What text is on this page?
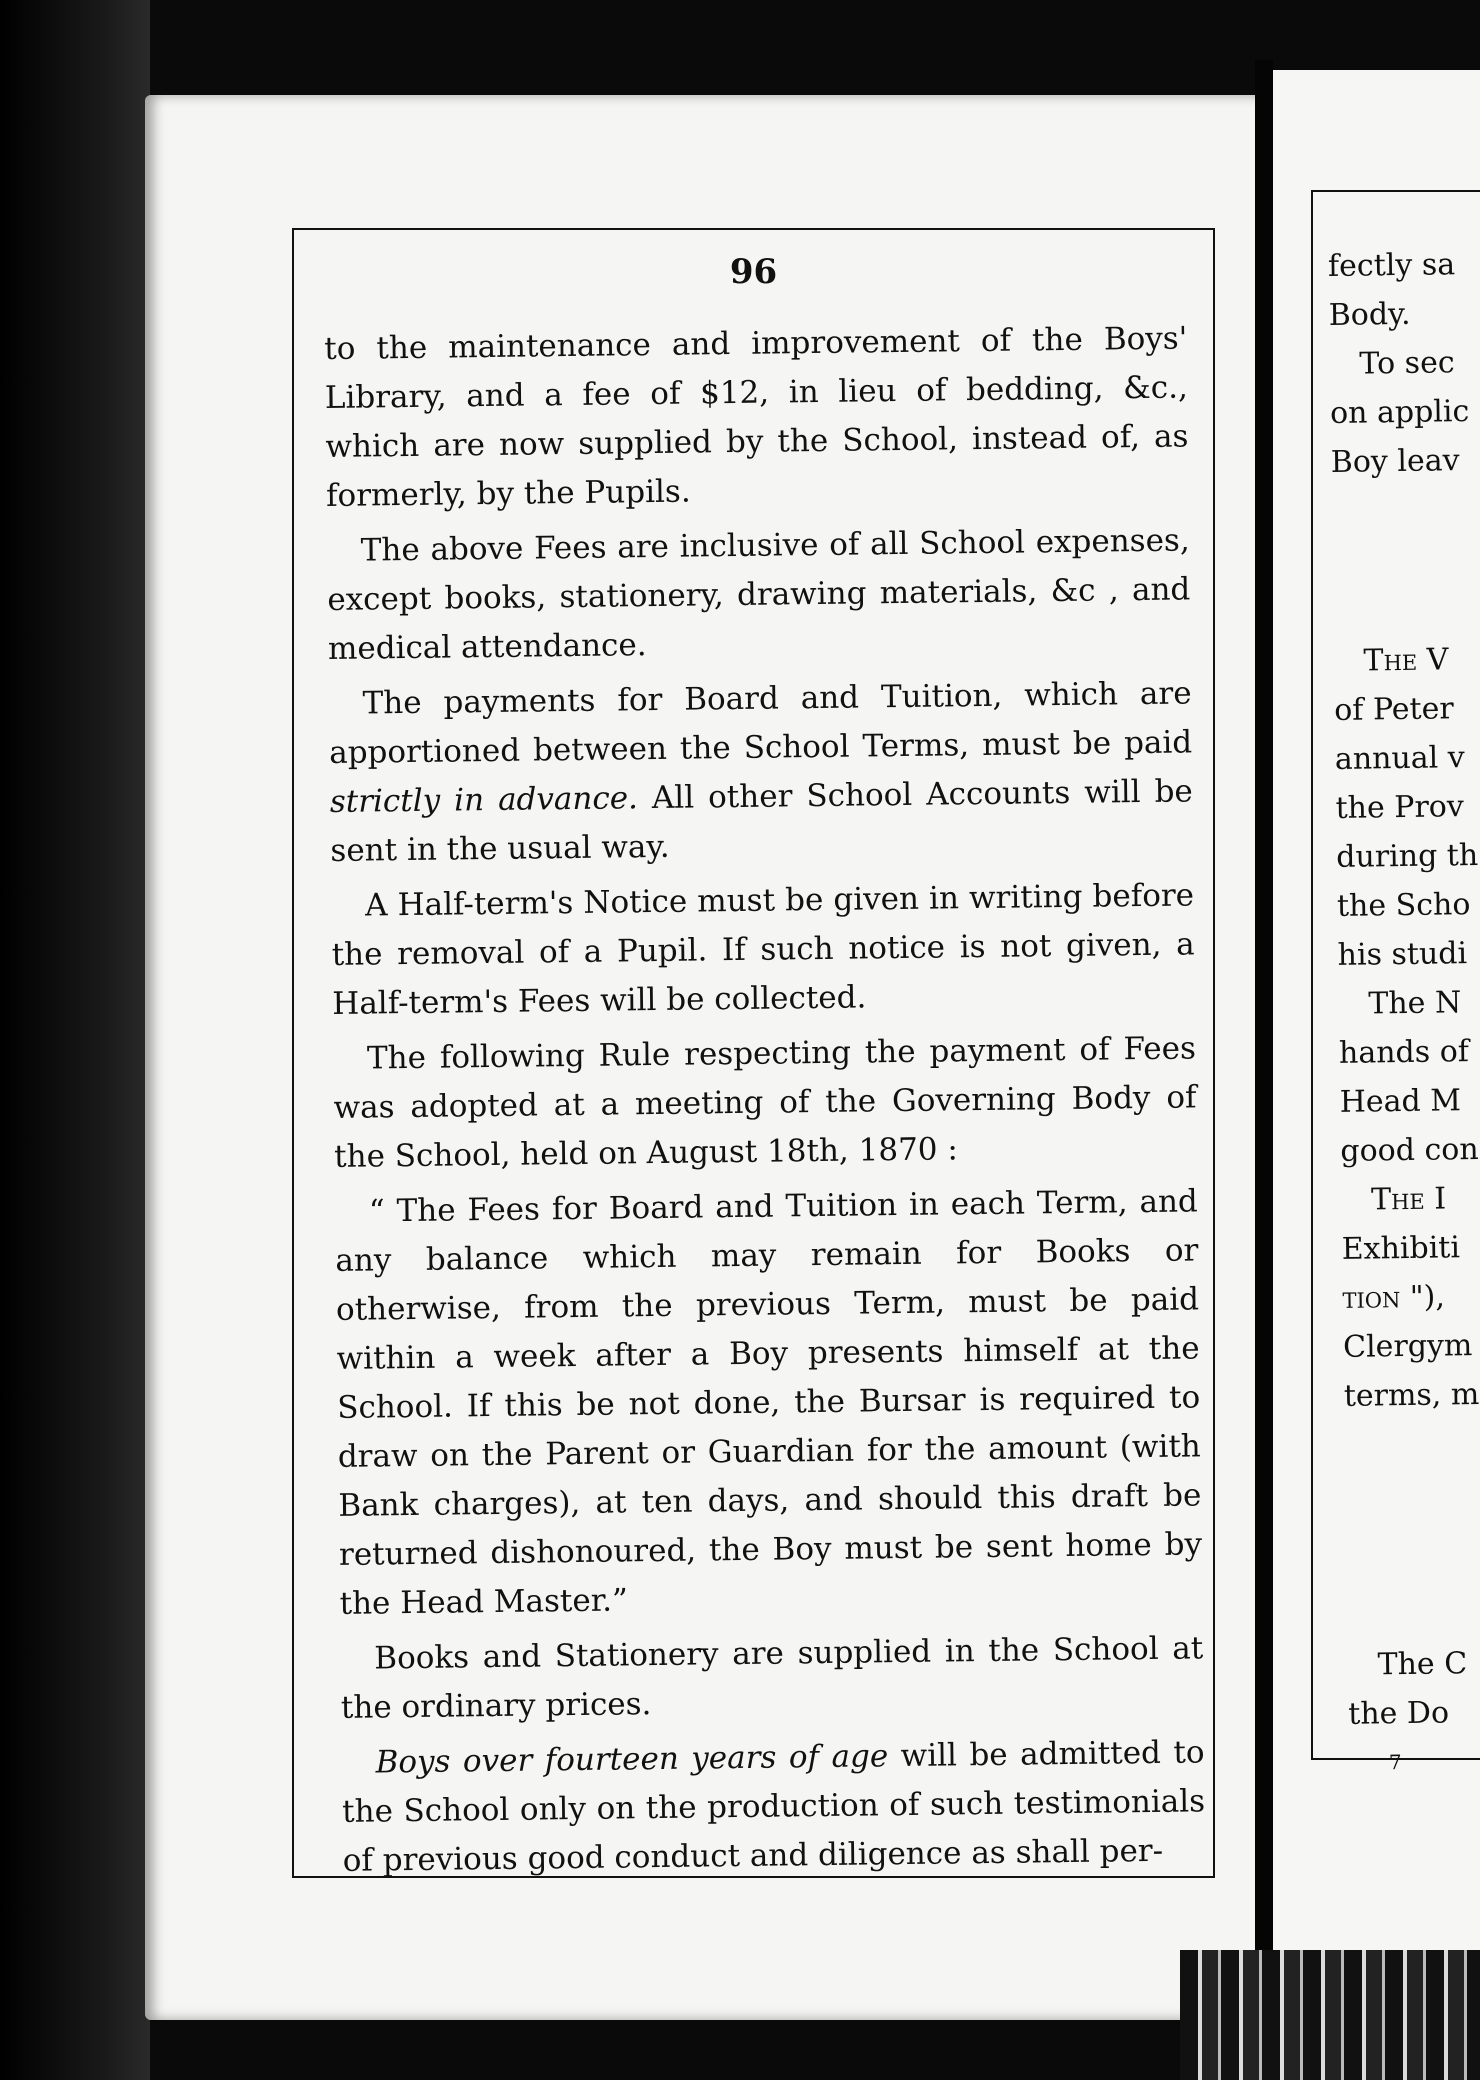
96

to the maintenance and improvement of the Boys' Library, and a fee of $12, in lieu of bedding, &c., which are now supplied by the School, instead of, as formerly, by the Pupils.

The above Fees are inclusive of all School expenses, except books, stationery, drawing materials, &c , and medical attendance.

The payments for Board and Tuition, which are apportioned between the School Terms, must be paid strictly in advance. All other School Accounts will be sent in the usual way.

A Half-term's Notice must be given in writing before the removal of a Pupil. If such notice is not given, a Half-term's Fees will be collected.

The following Rule respecting the payment of Fees was adopted at a meeting of the Governing Body of the School, held on August 18th, 1870 :

“ The Fees for Board and Tuition in each Term, and any balance which may remain for Books or otherwise, from the previous Term, must be paid within a week after a Boy presents himself at the School. If this be not done, the Bursar is required to draw on the Parent or Guardian for the amount (with Bank charges), at ten days, and should this draft be returned dishonoured, the Boy must be sent home by the Head Master.”

Books and Stationery are supplied in the School at the ordinary prices.

Boys over fourteen years of age will be admitted to the School only on the production of such testimonials of previous good conduct and diligence as shall per-

fectly sa
Body.
To sec
on applic
Boy leav
The V
of Peter
annual v
the Prov
during th
the Scho
his studi
The N
hands of
Head M
good con
The I
Exhibiti
tion "),
Clergym
terms, m
The C
the Do
7
